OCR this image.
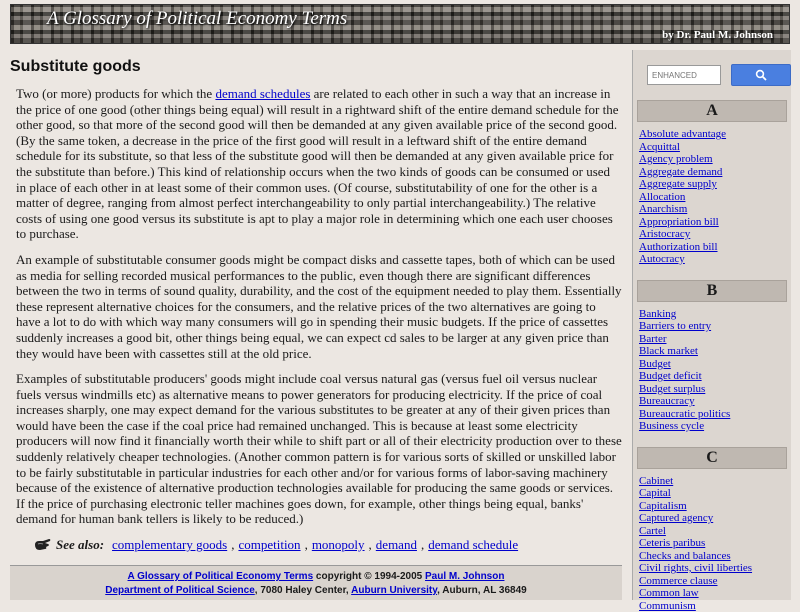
A Glossary of Political Economy Terms
by Dr. Paul M. Johnson
Substitute goods

Two (or more) products for which the demand schedules are related to each other in such a way that an increase in the price of one good (other things being equal) will result in a rightward shift of the entire demand schedule for the other good, so that more of the second good will then be demanded at any given available price of the second good. (By the same token, a decrease in the price of the first good will result in a leftward shift of the entire demand schedule for its substitute, so that less of the substitute good will then be demanded at any given available price for the substitute than before.) This kind of relationship occurs when the two kinds of goods can be consumed or used in place of each other in at least some of their common uses. (Of course, substitutability of one for the other is a matter of degree, ranging from almost perfect interchangeability to only partial interchangeability.) The relative costs of using one good versus its substitute is apt to play a major role in determining which one each user chooses to purchase.

An example of substitutable consumer goods might be compact disks and cassette tapes, both of which can be used as media for selling recorded musical performances to the public, even though there are significant differences between the two in terms of sound quality, durability, and the cost of the equipment needed to play them. Essentially these represent alternative choices for the consumers, and the relative prices of the two alternatives are going to have a lot to do with which way many consumers will go in spending their music budgets. If the price of cassettes suddenly increases a good bit, other things being equal, we can expect cd sales to be larger at any given price than they would have been with cassettes still at the old price.

Examples of substitutable producers' goods might include coal versus natural gas (versus fuel oil versus nuclear fuels versus windmills etc) as alternative means to power generators for producing electricity. If the price of coal increases sharply, one may expect demand for the various substitutes to be greater at any of their given prices than would have been the case if the coal price had remained unchanged. This is because at least some electricity producers will now find it financially worth their while to shift part or all of their electricity production over to these suddenly relatively cheaper technologies. (Another common pattern is for various sorts of skilled or unskilled labor to be fairly substitutable in particular industries for each other and/or for various forms of labor-saving machinery because of the existence of alternative production technologies available for producing the same goods or services. If the price of purchasing electronic teller machines goes down, for example, other things being equal, banks' demand for human bank tellers is likely to be reduced.)

See also: complementary goods , competition , monopoly , demand , demand schedule
A Glossary of Political Economy Terms copyright © 1994-2005 Paul M. Johnson
Department of Political Science, 7080 Haley Center, Auburn University, Auburn, AL 36849
ENHANCED
A
Absolute advantage
Acquittal
Agency problem
Aggregate demand
Aggregate supply
Allocation
Anarchism
Appropriation bill
Aristocracy
Authorization bill
Autocracy
B
Banking
Barriers to entry
Barter
Black market
Budget
Budget deficit
Budget surplus
Bureaucracy
Bureaucratic politics
Business cycle
C
Cabinet
Capital
Capitalism
Captured agency
Cartel
Ceteris paribus
Checks and balances
Civil rights, civil liberties
Commerce clause
Common law
Communism
